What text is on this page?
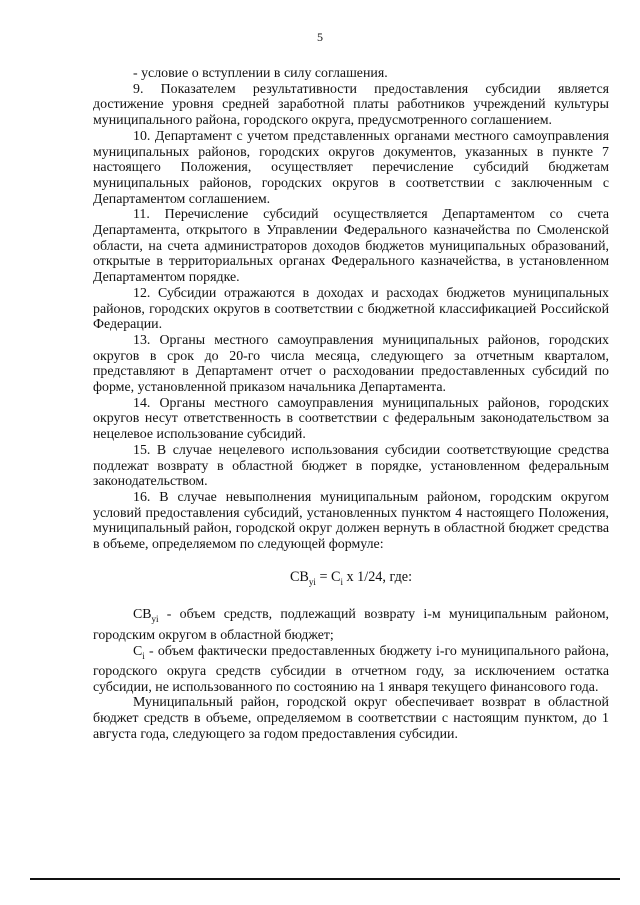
5

- условие о вступлении в силу соглашения.

9. Показателем результативности предоставления субсидии является достижение уровня средней заработной платы работников учреждений культуры муниципального района, городского округа, предусмотренного соглашением.

10. Департамент с учетом представленных органами местного самоуправления муниципальных районов, городских округов документов, указанных в пункте 7 настоящего Положения, осуществляет перечисление субсидий бюджетам муниципальных районов, городских округов в соответствии с заключенным с Департаментом соглашением.

11. Перечисление субсидий осуществляется Департаментом со счета Департамента, открытого в Управлении Федерального казначейства по Смоленской области, на счета администраторов доходов бюджетов муниципальных образований, открытые в территориальных органах Федерального казначейства, в установленном Департаментом порядке.

12. Субсидии отражаются в доходах и расходах бюджетов муниципальных районов, городских округов в соответствии с бюджетной классификацией Российской Федерации.

13. Органы местного самоуправления муниципальных районов, городских округов в срок до 20-го числа месяца, следующего за отчетным кварталом, представляют в Департамент отчет о расходовании предоставленных субсидий по форме, установленной приказом начальника Департамента.

14. Органы местного самоуправления муниципальных районов, городских округов несут ответственность в соответствии с федеральным законодательством за нецелевое использование субсидий.

15. В случае нецелевого использования субсидии соответствующие средства подлежат возврату в областной бюджет в порядке, установленном федеральным законодательством.

16. В случае невыполнения муниципальным районом, городским округом условий предоставления субсидий, установленных пунктом 4 настоящего Положения, муниципальный район, городской округ должен вернуть в областной бюджет средства в объеме, определяемом по следующей формуле:

$СВ_{yi} = C_i$ x 1/24, где:

$СВ_{yi}$ - объем средств, подлежащий возврату i-м муниципальным районом, городским округом в областной бюджет;

$C_i$ - объем фактически предоставленных бюджету i-го муниципального района, городского округа средств субсидии в отчетном году, за исключением остатка субсидии, не использованного по состоянию на 1 января текущего финансового года.

Муниципальный район, городской округ обеспечивает возврат в областной бюджет средств в объеме, определяемом в соответствии с настоящим пунктом, до 1 августа года, следующего за годом предоставления субсидии.
